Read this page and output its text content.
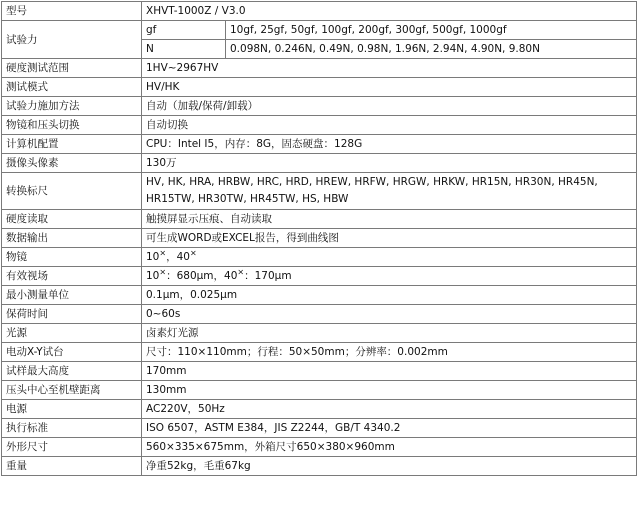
型号	XHVT-1000Z / V3.0	
试验力	gf	10gf, 25gf, 50gf, 100gf, 200gf, 300gf, 500gf, 1000gf
	N	0.098N, 0.246N, 0.49N, 0.98N, 1.96N, 2.94N, 4.90N, 9.80N
硬度测试范围	1HV~2967HV	
测试模式	HV/HK	
试验力施加方法	自动（加载/保荷/卸载）	
物镜和压头切换	自动切换	
计算机配置	CPU：Intel I5，内存：8G，固态硬盘：128G	
摄像头像素	130万	
转换标尺	HV, HK, HRA, HRBW, HRC, HRD, HREW, HRFW, HRGW, HRKW, HR15N, HR30N, HR45N, HR15TW, HR30TW, HR45TW, HS, HBW	
硬度读取	触摸屏显示压痕、自动读取	
数据输出	可生成WORD或EXCEL报告，得到曲线图	
物镜	10×，40×
有效视场	10×：680μm，40×：170μm	
最小测量单位	0.1μm，0.025μm	
保荷时间	0~60s	
光源	卤素灯光源	
电动X-Y试台	尺寸：110×110mm；行程：50×50mm；分辨率：0.002mm	
试样最大高度	170mm	
压头中心至机壁距离	130mm	
电源	AC220V，50Hz	
执行标准	ISO 6507，ASTM E384，JIS Z2244，GB/T 4340.2	
外形尺寸	560×335×675mm，外箱尺寸650×380×960mm	
重量	净重52kg，毛重67kg	
